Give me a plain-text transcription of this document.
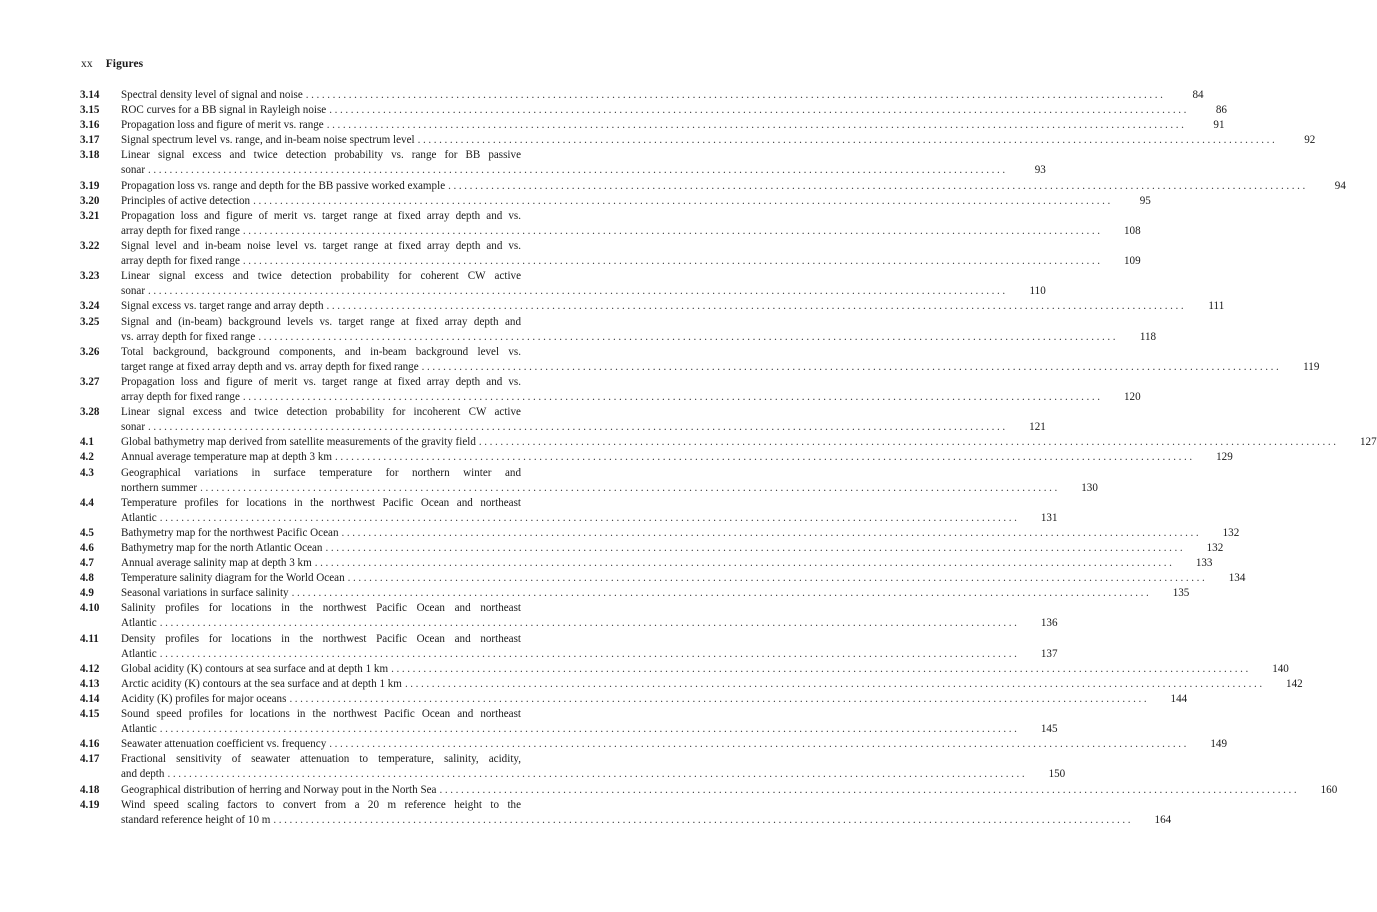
xx Figures
3.14	Spectral density level of signal and noise ................................................................................................................................................................	84
3.15	ROC curves for a BB signal in Rayleigh noise ................................................................................................................................................................	86
3.16	Propagation loss and figure of merit vs. range ................................................................................................................................................................	91
3.17	Signal spectrum level vs. range, and in-beam noise spectrum level ................................................................................................................................................................	92
3.18	Linear signal excess and twice detection probability vs. range for BB passive
sonar ................................................................................................................................................................	93
3.19	Propagation loss vs. range and depth for the BB passive worked example ................................................................................................................................................................	94
3.20	Principles of active detection ................................................................................................................................................................	95
3.21	Propagation loss and figure of merit vs. target range at fixed array depth and vs.
array depth for fixed range ................................................................................................................................................................	108
3.22	Signal level and in-beam noise level vs. target range at fixed array depth and vs.
array depth for fixed range ................................................................................................................................................................	109
3.23	Linear signal excess and twice detection probability for coherent CW active
sonar ................................................................................................................................................................	110
3.24	Signal excess vs. target range and array depth ................................................................................................................................................................	111
3.25	Signal and (in-beam) background levels vs. target range at fixed array depth and
vs. array depth for fixed range ................................................................................................................................................................	118
3.26	Total background, background components, and in-beam background level vs.
target range at fixed array depth and vs. array depth for fixed range ................................................................................................................................................................	119
3.27	Propagation loss and figure of merit vs. target range at fixed array depth and vs.
array depth for fixed range ................................................................................................................................................................	120
3.28	Linear signal excess and twice detection probability for incoherent CW active
sonar ................................................................................................................................................................	121
4.1	Global bathymetry map derived from satellite measurements of the gravity field ................................................................................................................................................................	127
4.2	Annual average temperature map at depth 3 km ................................................................................................................................................................	129
4.3	Geographical variations in surface temperature for northern winter and
northern summer ................................................................................................................................................................	130
4.4	Temperature profiles for locations in the northwest Pacific Ocean and northeast
Atlantic ................................................................................................................................................................	131
4.5	Bathymetry map for the northwest Pacific Ocean ................................................................................................................................................................	132
4.6	Bathymetry map for the north Atlantic Ocean ................................................................................................................................................................	132
4.7	Annual average salinity map at depth 3 km ................................................................................................................................................................	133
4.8	Temperature salinity diagram for the World Ocean ................................................................................................................................................................	134
4.9	Seasonal variations in surface salinity ................................................................................................................................................................	135
4.10	Salinity profiles for locations in the northwest Pacific Ocean and northeast
Atlantic ................................................................................................................................................................	136
4.11	Density profiles for locations in the northwest Pacific Ocean and northeast
Atlantic ................................................................................................................................................................	137
4.12	Global acidity (K) contours at sea surface and at depth 1 km ................................................................................................................................................................	140
4.13	Arctic acidity (K) contours at the sea surface and at depth 1 km ................................................................................................................................................................	142
4.14	Acidity (K) profiles for major oceans ................................................................................................................................................................	144
4.15	Sound speed profiles for locations in the northwest Pacific Ocean and northeast
Atlantic ................................................................................................................................................................	145
4.16	Seawater attenuation coefficient vs. frequency ................................................................................................................................................................	149
4.17	Fractional sensitivity of seawater attenuation to temperature, salinity, acidity,
and depth ................................................................................................................................................................	150
4.18	Geographical distribution of herring and Norway pout in the North Sea ................................................................................................................................................................	160
4.19	Wind speed scaling factors to convert from a 20 m reference height to the
standard reference height of 10 m ................................................................................................................................................................	164
